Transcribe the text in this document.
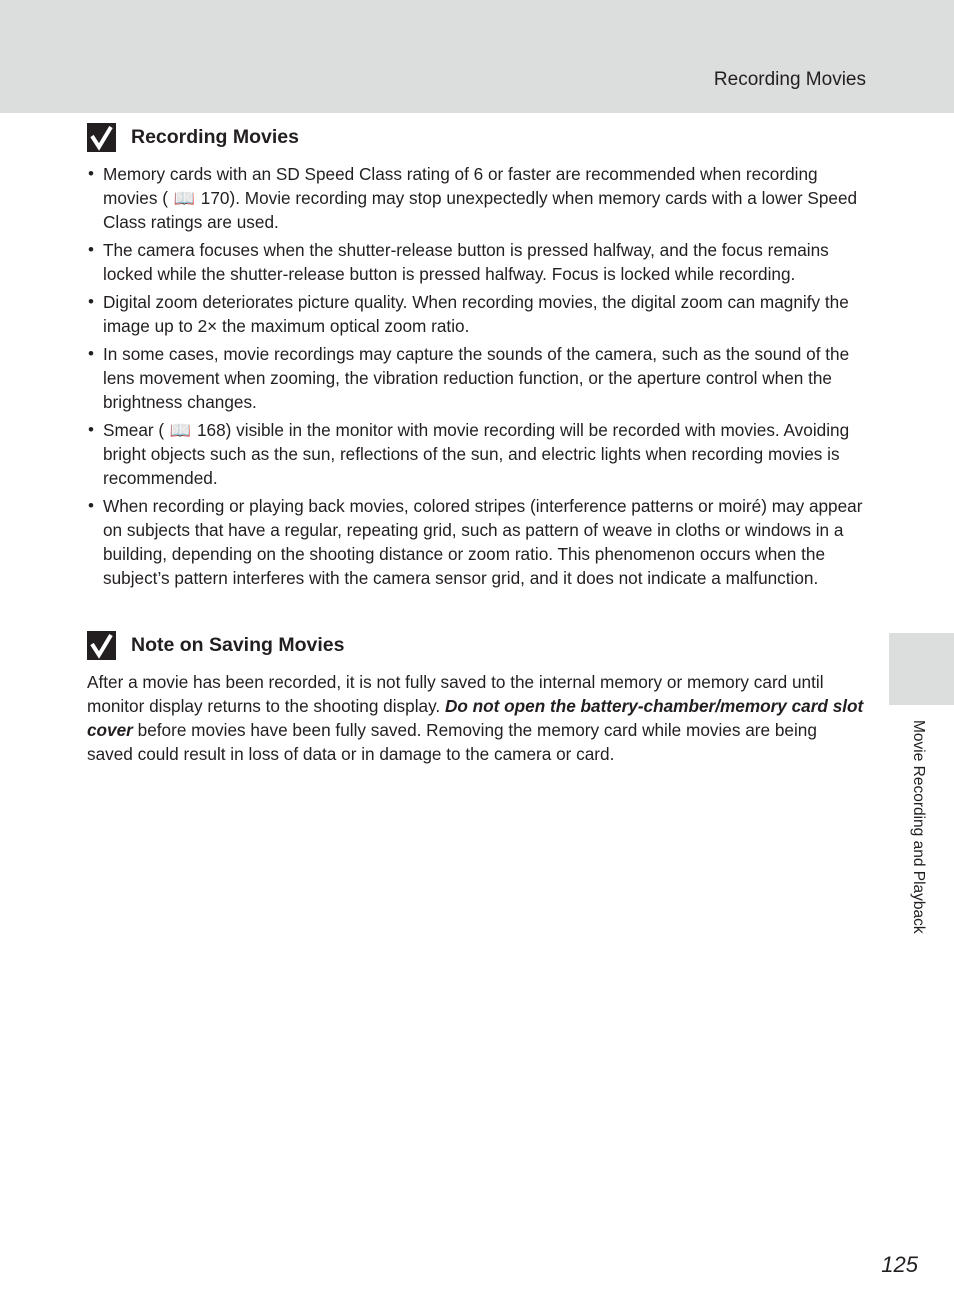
Recording Movies
Movie Recording and Playback
Recording Movies
• Memory cards with an SD Speed Class rating of 6 or faster are recommended when recording movies ( 📖 170). Movie recording may stop unexpectedly when memory cards with a lower Speed Class ratings are used.
• The camera focuses when the shutter-release button is pressed halfway, and the focus remains locked while the shutter-release button is pressed halfway. Focus is locked while recording.
• Digital zoom deteriorates picture quality. When recording movies, the digital zoom can magnify the image up to 2× the maximum optical zoom ratio.
• In some cases, movie recordings may capture the sounds of the camera, such as the sound of the lens movement when zooming, the vibration reduction function, or the aperture control when the brightness changes.
• Smear ( 📖 168) visible in the monitor with movie recording will be recorded with movies. Avoiding bright objects such as the sun, reflections of the sun, and electric lights when recording movies is recommended.
• When recording or playing back movies, colored stripes (interference patterns or moiré) may appear on subjects that have a regular, repeating grid, such as pattern of weave in cloths or windows in a building, depending on the shooting distance or zoom ratio. This phenomenon occurs when the subject’s pattern interferes with the camera sensor grid, and it does not indicate a malfunction.
Note on Saving Movies

After a movie has been recorded, it is not fully saved to the internal memory or memory card until monitor display returns to the shooting display. Do not open the battery-chamber/memory card slot cover before movies have been fully saved. Removing the memory card while movies are being saved could result in loss of data or in damage to the camera or card.

125
